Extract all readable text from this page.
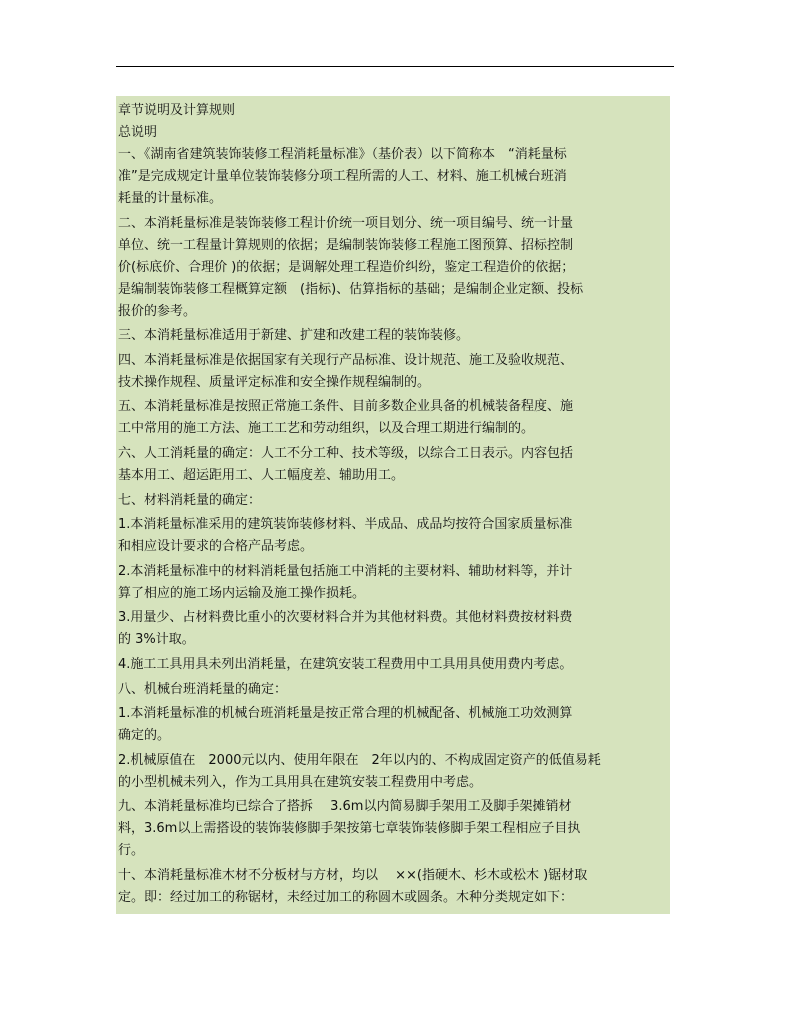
章节说明及计算规则
总说明
一、《湖南省建筑装饰装修工程消耗量标准》（基价表）以下简称本　“消耗量标
准”是完成规定计量单位装饰装修分项工程所需的人工、材料、施工机械台班消
耗量的计量标准。
二、本消耗量标准是装饰装修工程计价统一项目划分、统一项目编号、统一计量
单位、统一工程量计算规则的依据；是编制装饰装修工程施工图预算、招标控制
价(标底价、合理价 )的依据；是调解处理工程造价纠纷，鉴定工程造价的依据；
是编制装饰装修工程概算定额　(指标)、估算指标的基础；是编制企业定额、投标
报价的参考。
三、本消耗量标准适用于新建、扩建和改建工程的装饰装修。
四、本消耗量标准是依据国家有关现行产品标准、设计规范、施工及验收规范、
技术操作规程、质量评定标准和安全操作规程编制的。
五、本消耗量标准是按照正常施工条件、目前多数企业具备的机械装备程度、施
工中常用的施工方法、施工工艺和劳动组织，以及合理工期进行编制的。
六、人工消耗量的确定：人工不分工种、技术等级，以综合工日表示。内容包括
基本用工、超运距用工、人工幅度差、辅助用工。
七、材料消耗量的确定：
1.本消耗量标准采用的建筑装饰装修材料、半成品、成品均按符合国家质量标准
和相应设计要求的合格产品考虑。
2.本消耗量标准中的材料消耗量包括施工中消耗的主要材料、辅助材料等，并计
算了相应的施工场内运输及施工操作损耗。
3.用量少、占材料费比重小的次要材料合并为其他材料费。其他材料费按材料费
的 3%计取。
4.施工工具用具未列出消耗量，在建筑安装工程费用中工具用具使用费内考虑。
八、机械台班消耗量的确定：
1.本消耗量标准的机械台班消耗量是按正常合理的机械配备、机械施工功效测算
确定的。
2.机械原值在　2000元以内、使用年限在　2年以内的、不构成固定资产的低值易耗
的小型机械未列入，作为工具用具在建筑安装工程费用中考虑。
九、本消耗量标准均已综合了搭拆　 3.6m以内简易脚手架用工及脚手架摊销材
料，3.6m以上需搭设的装饰装修脚手架按第七章装饰装修脚手架工程相应子目执
行。
十、本消耗量标准木材不分板材与方材，均以　 ××(指硬木、杉木或松木 )锯材取
定。即：经过加工的称锯材，未经过加工的称圆木或圆条。木种分类规定如下：
